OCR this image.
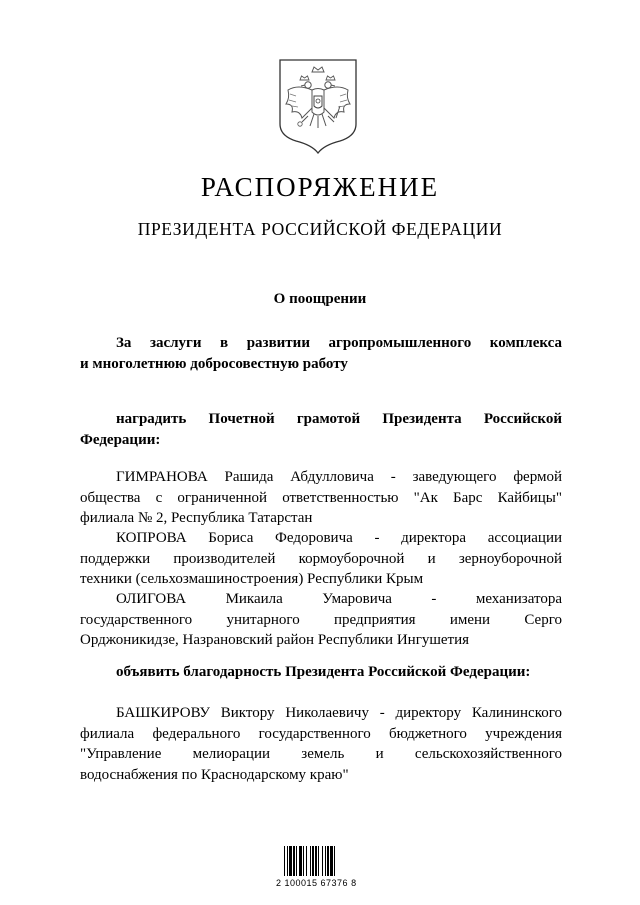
РАСПОРЯЖЕНИЕ
ПРЕЗИДЕНТА РОССИЙСКОЙ ФЕДЕРАЦИИ
О поощрении
За заслуги в развитии агропромышленного комплекса
и многолетнюю добросовестную работу
наградить Почетной грамотой Президента Российской
Федерации:
ГИМРАНОВА Рашида Абдулловича - заведующего фермой
общества с ограниченной ответственностью "Ак Барс Кайбицы"
филиала № 2, Республика Татарстан
КОПРОВА Бориса Федоровича - директора ассоциации
поддержки производителей кормоуборочной и зерноуборочной
техники (сельхозмашиностроения) Республики Крым
ОЛИГОВА Микаила Умаровича - механизатора
государственного унитарного предприятия имени Серго
Орджоникидзе, Назрановский район Республики Ингушетия
объявить благодарность Президента Российской Федерации:
БАШКИРОВУ Виктору Николаевичу - директору Калининского
филиала федерального государственного бюджетного учреждения
"Управление мелиорации земель и сельскохозяйственного
водоснабжения по Краснодарскому краю"
2 100015 67376 8
